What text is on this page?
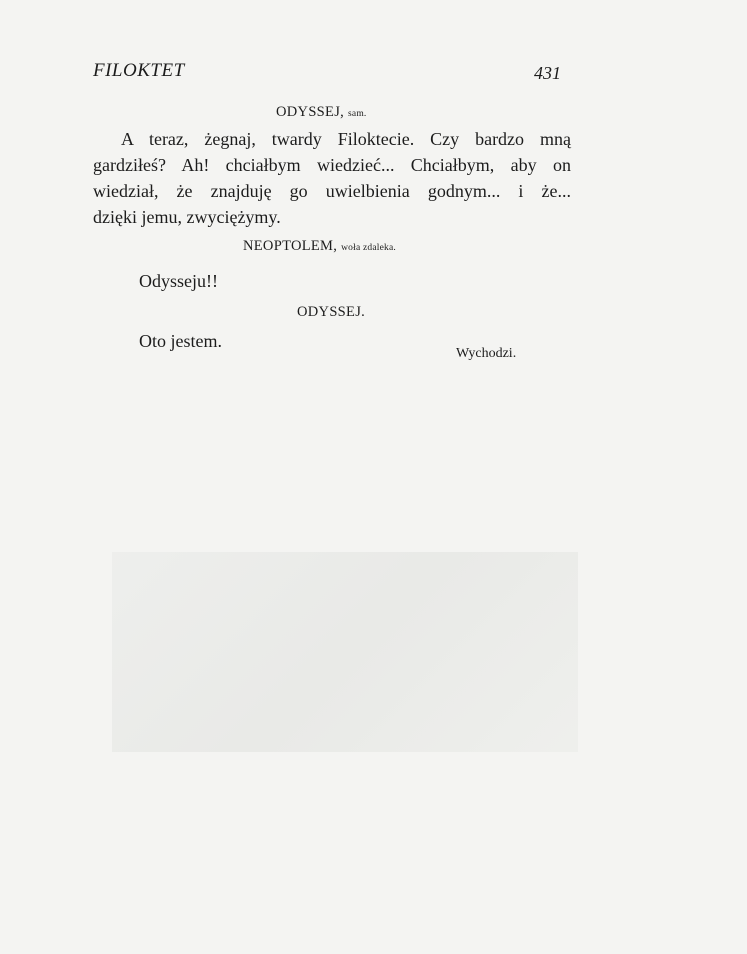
FILOKTET	431
ODYSSEJ, sam.
A teraz, żegnaj, twardy Filoktecie. Czy bardzo mną
gardziłeś? Ah! chciałbym wiedzieć... Chciałbym, aby on
wiedział, że znajduję go uwielbienia godnym... i że...
dzięki jemu, zwyciężymy.
NEOPTOLEM, woła zdaleka.
Odysseju!!
ODYSSEJ.
Oto jestem.
Wychodzi.
